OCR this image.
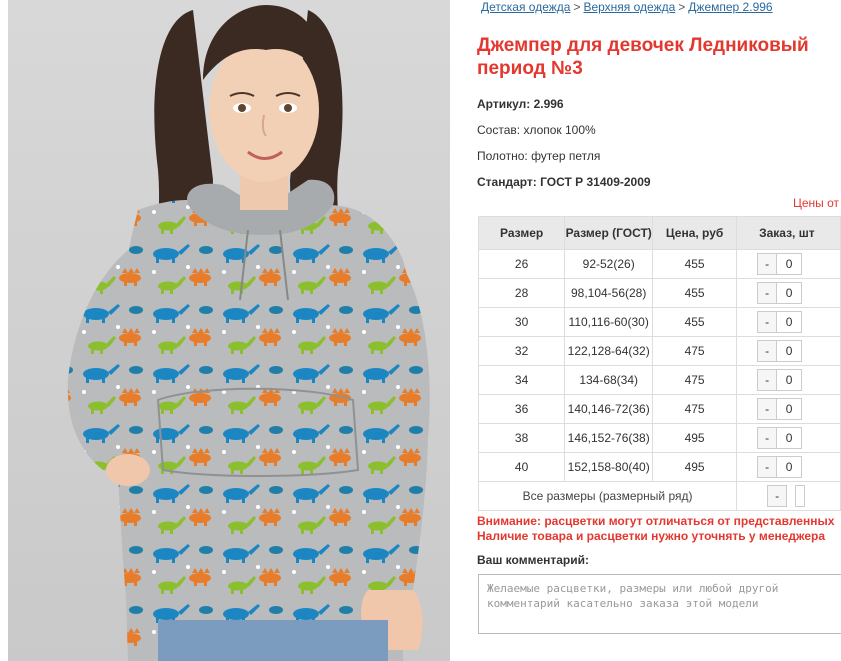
Детская одежда > Верхняя одежда > Джемпер 2.996
Джемпер для девочек Ледниковый период №3
Артикул: 2.996
Состав: хлопок 100%
Полотно: футер петля
Стандарт: ГОСТ Р 31409-2009
Цены от
Размер	Размер (ГОСТ)	Цена, руб	Заказ, шт
26	92-52(26)	455	- 0

28	98,104-56(28)	455	- 0

30	110,116-60(30)	455	- 0

32	122,128-64(32)	475	- 0

34	134-68(34)	475	- 0

36	140,146-72(36)	475	- 0

38	146,152-76(38)	495	- 0

40	152,158-80(40)	495	- 0

Все размеры (размерный ряд)			-
Внимание: расцветки могут отличаться от представленных
Наличие товара и расцветки нужно уточнять у менеджера
Ваш комментарий:
Желаемые расцветки, размеры или любой другой комментарий касательно заказа этой модели
